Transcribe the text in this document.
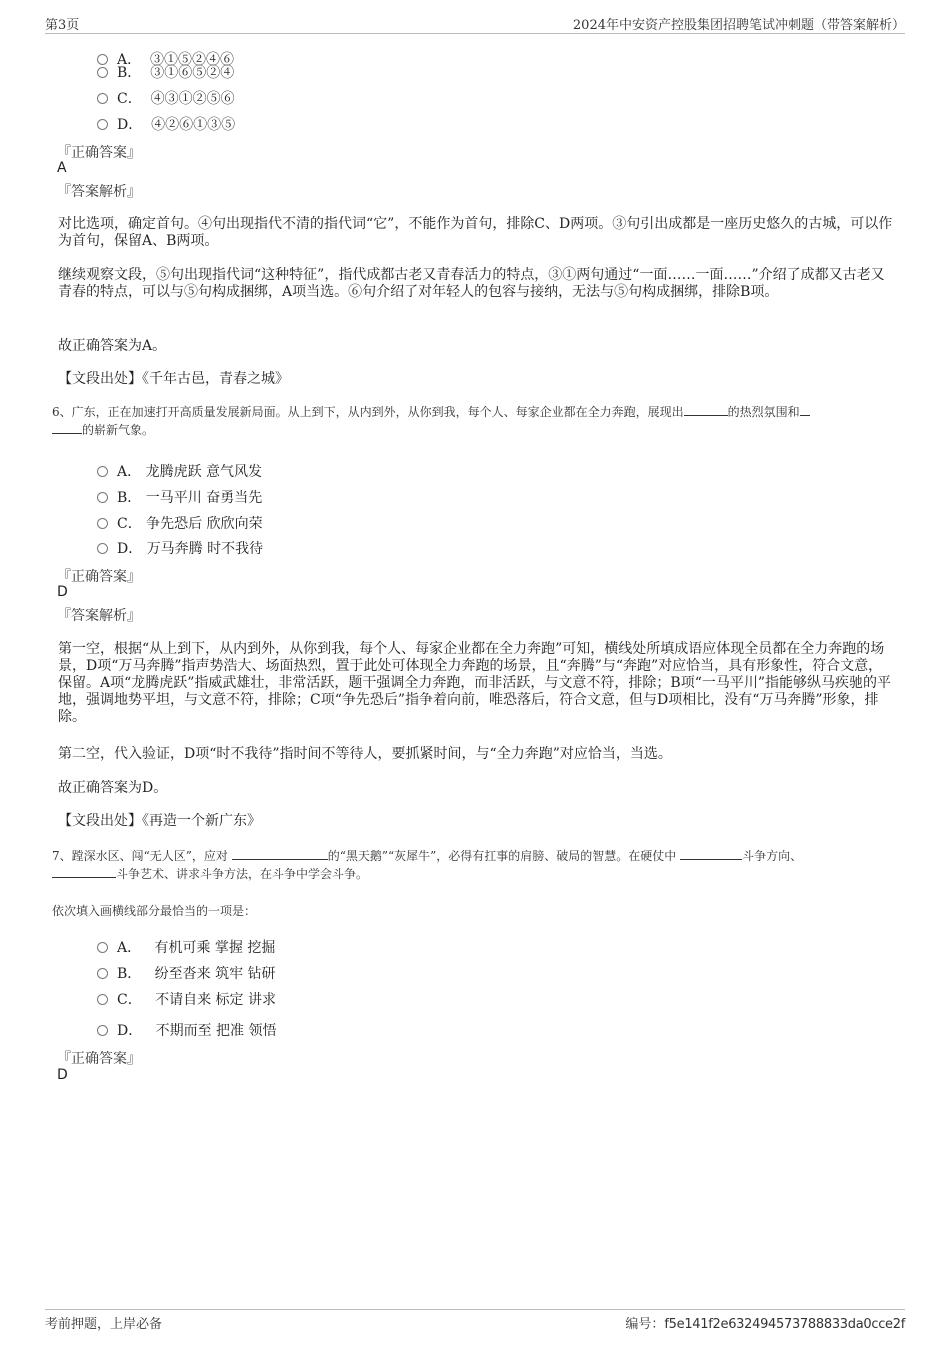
第3页	2024年中安资产控股集团招聘笔试冲刺题（带答案解析）
A． ③①⑤②④⑥
B． ③①⑥⑤②④
C． ④③①②⑤⑥
D． ④②⑥①③⑤
『正确答案』
A
『答案解析』
对比选项，确定首句。④句出现指代不清的指代词“它”，不能作为首句，排除C、D两项。③句引出成都是一座历史悠久的古城，可以作为首句，保留A、B两项。
继续观察文段，⑤句出现指代词“这种特征”，指代成都古老又青春活力的特点，③①两句通过“一面……一面……”介绍了成都又古老又青春的特点，可以与⑤句构成捆绑，A项当选。⑥句介绍了对年轻人的包容与接纳，无法与⑤句构成捆绑，排除B项。
故正确答案为A。
【文段出处】《千年古邑，青春之城》
6、广东，正在加速打开高质量发展新局面。从上到下，从内到外，从你到我，每个人、每家企业都在全力奔跑，展现出	的热烈氛围和
的崭新气象。
A． 龙腾虎跃 意气风发
B． 一马平川 奋勇当先
C． 争先恐后 欣欣向荣
D． 万马奔腾 时不我待
『正确答案』
D
『答案解析』
第一空，根据“从上到下，从内到外，从你到我，每个人、每家企业都在全力奔跑”可知，横线处所填成语应体现全员都在全力奔跑的场景，D项“万马奔腾”指声势浩大、场面热烈，置于此处可体现全力奔跑的场景，且“奔腾”与“奔跑”对应恰当，具有形象性，符合文意，保留。A项“龙腾虎跃”指威武雄壮，非常活跃，题干强调全力奔跑，而非活跃，与文意不符，排除；B项“一马平川”指能够纵马疾驰的平地，强调地势平坦，与文意不符，排除；C项“争先恐后”指争着向前，唯恐落后，符合文意，但与D项相比，没有“万马奔腾”形象，排除。
第二空，代入验证，D项“时不我待”指时间不等待人，要抓紧时间，与“全力奔跑”对应恰当，当选。
故正确答案为D。
【文段出处】《再造一个新广东》
7、蹚深水区、闯“无人区”，应对	的“黑天鹅”“灰犀牛”，必得有扛事的肩膀、破局的智慧。在硬仗中	斗争方向、
斗争艺术、讲求斗争方法，在斗争中学会斗争。
依次填入画横线部分最恰当的一项是：
A． 有机可乘 掌握 挖掘
B． 纷至沓来 筑牢 钻研
C． 不请自来 标定 讲求
D． 不期而至 把准 领悟
『正确答案』
D
考前押题，上岸必备	编号：f5e141f2e632494573788833da0cce2f
